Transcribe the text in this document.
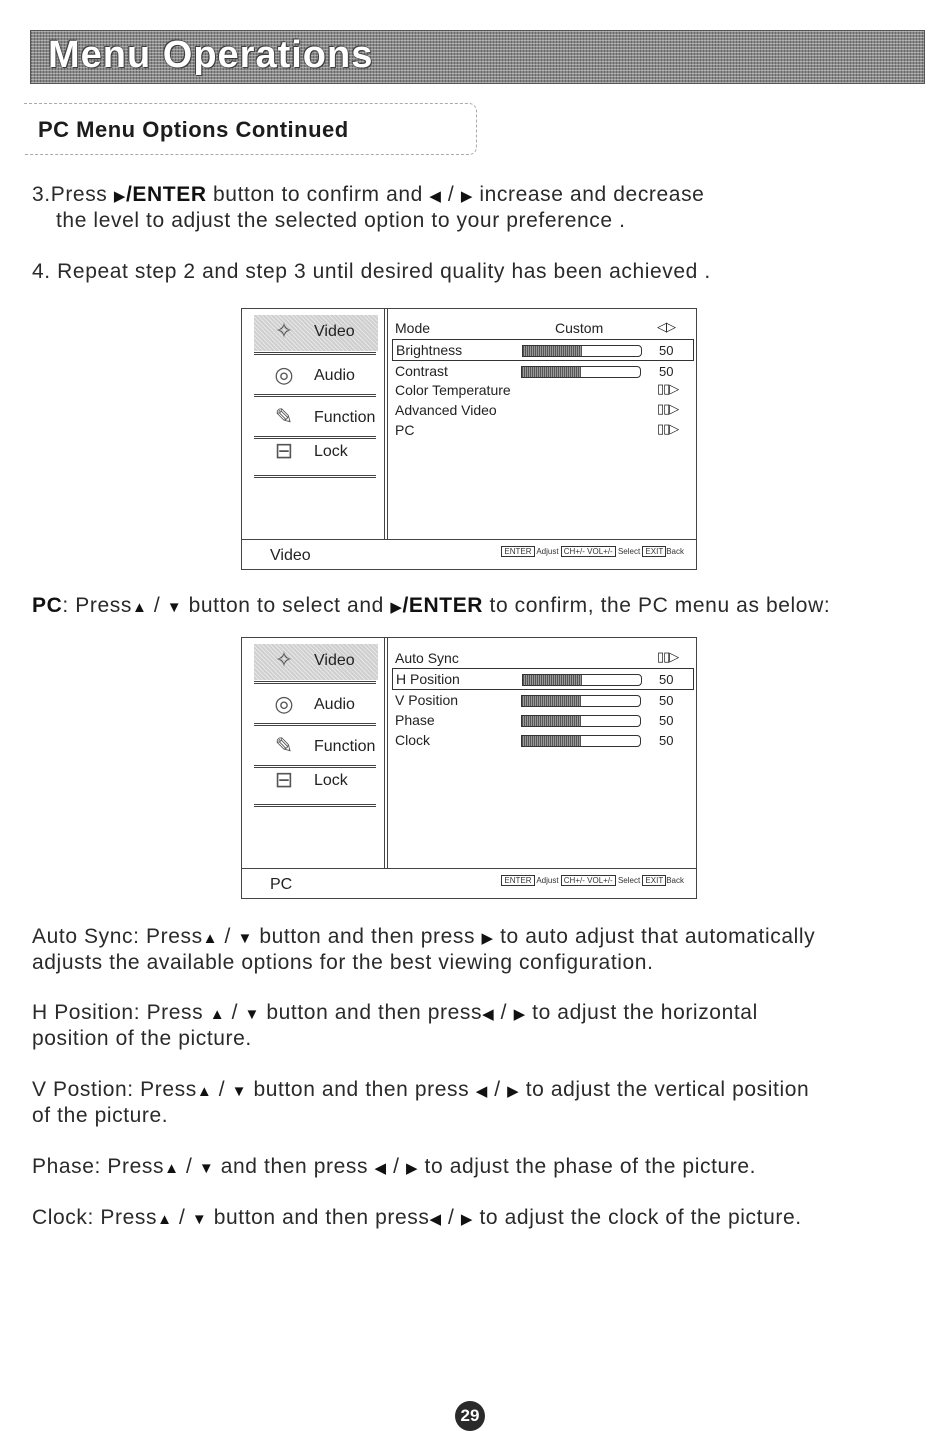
Menu Operations
PC Menu Options Continued
3.Press ▶/ENTER button to confirm and ◀ / ▶ increase and decrease
the level to adjust the selected option to your preference .
4. Repeat step 2 and step 3 until desired quality has been achieved .
✧	Video
◎	Audio
✎	Function
⊟	Lock
Mode	Custom	◁▷
Brightness	50
Contrast	50
Color Temperature	▯▯▷
Advanced Video	▯▯▷
PC	▯▯▷
Video	ENTER Adjust CH+/- VOL+/- Select EXIT Back
PC: Press▲ / ▼ button to select and ▶/ENTER to confirm, the PC menu as below:
✧	Video
◎	Audio
✎	Function
⊟	Lock
Auto Sync	▯▯▷
H Position	50
V Position	50
Phase	50
Clock	50
PC	ENTER Adjust CH+/- VOL+/- Select EXIT Back
Auto Sync: Press▲ / ▼ button and then press ▶ to auto adjust that automatically
adjusts the available options for the best viewing configuration.
H Position: Press ▲ / ▼ button and then press◀ / ▶ to adjust the horizontal
position of the picture.
V Postion: Press▲ / ▼ button and then press ◀ / ▶ to adjust the vertical position
of the picture.
Phase: Press▲ / ▼ and then press ◀ / ▶ to adjust the phase of the picture.
Clock: Press▲ / ▼ button and then press◀ / ▶ to adjust the clock of the picture.
29
